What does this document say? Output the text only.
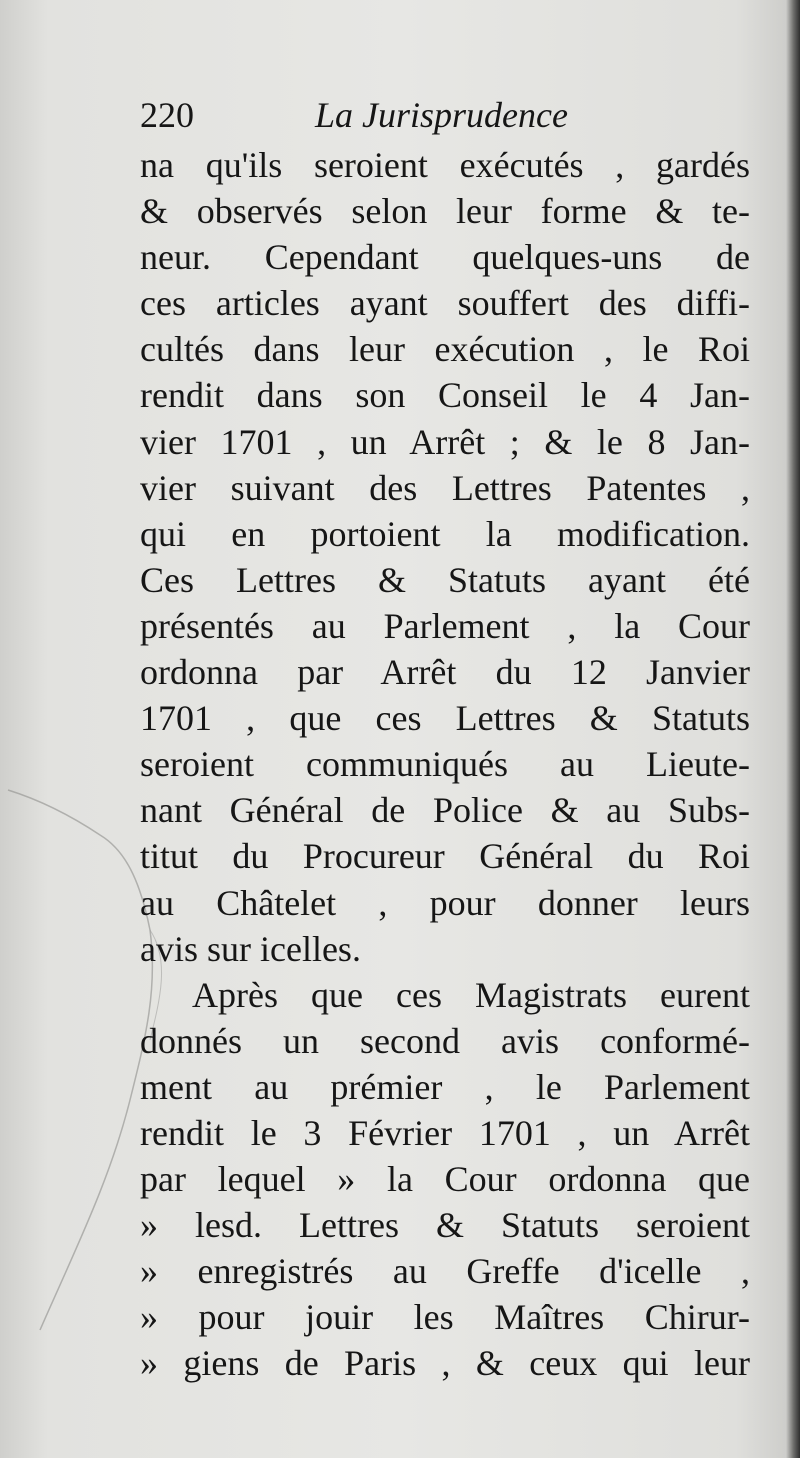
220	La Jurisprudence
na qu'ils seroient exécutés , gardés
& observés selon leur forme & te-
neur. Cependant quelques-uns de
ces articles ayant souffert des diffi-
cultés dans leur exécution , le Roi
rendit dans son Conseil le 4 Jan-
vier 1701 , un Arrêt ; & le 8 Jan-
vier suivant des Lettres Patentes ,
qui en portoient la modification.
Ces Lettres & Statuts ayant été
présentés au Parlement , la Cour
ordonna par Arrêt du 12 Janvier
1701 , que ces Lettres & Statuts
seroient communiqués au Lieute-
nant Général de Police & au Subs-
titut du Procureur Général du Roi
au Châtelet , pour donner leurs
avis sur icelles.
Après que ces Magistrats eurent
donnés un second avis conformé-
ment au prémier , le Parlement
rendit le 3 Février 1701 , un Arrêt
par lequel » la Cour ordonna que
» lesd. Lettres & Statuts seroient
» enregistrés au Greffe d'icelle ,
» pour jouir les Maîtres Chirur-
» giens de Paris , & ceux qui leur
